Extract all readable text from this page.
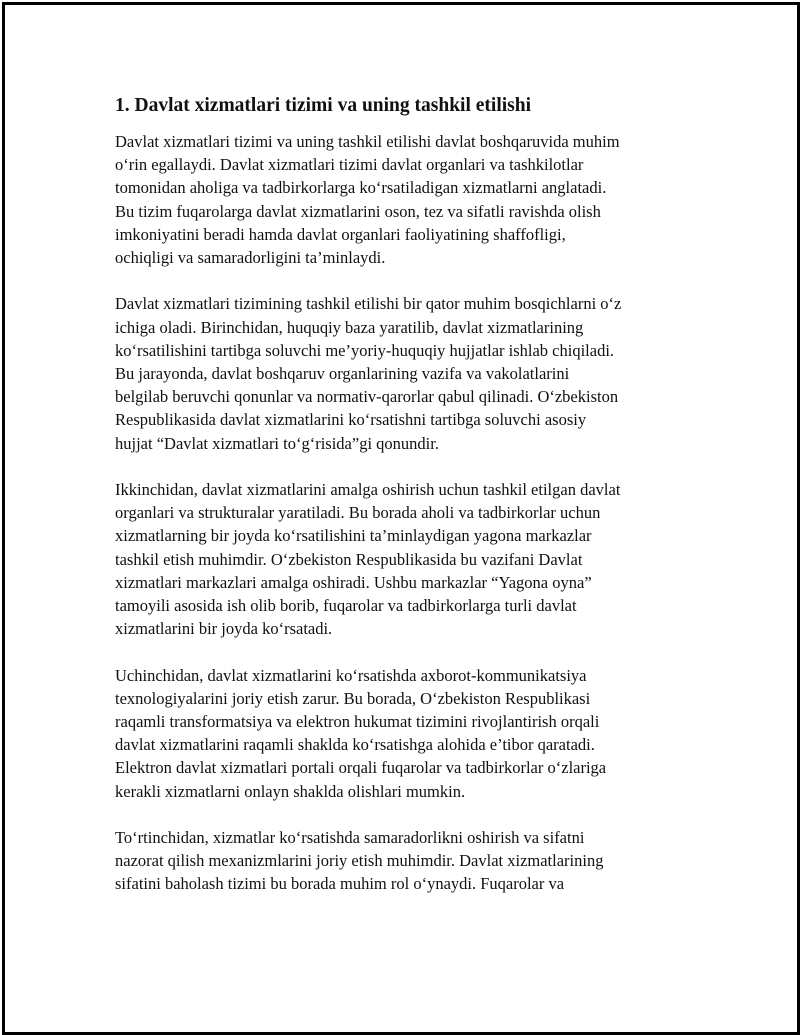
1. Davlat xizmatlari tizimi va uning tashkil etilishi
Davlat xizmatlari tizimi va uning tashkil etilishi davlat boshqaruvida muhim
o‘rin egallaydi. Davlat xizmatlari tizimi davlat organlari va tashkilotlar
tomonidan aholiga va tadbirkorlarga ko‘rsatiladigan xizmatlarni anglatadi.
Bu tizim fuqarolarga davlat xizmatlarini oson, tez va sifatli ravishda olish
imkoniyatini beradi hamda davlat organlari faoliyatining shaffofligi,
ochiqligi va samaradorligini ta’minlaydi.
Davlat xizmatlari tizimining tashkil etilishi bir qator muhim bosqichlarni o‘z
ichiga oladi. Birinchidan, huquqiy baza yaratilib, davlat xizmatlarining
ko‘rsatilishini tartibga soluvchi me’yoriy-huquqiy hujjatlar ishlab chiqiladi.
Bu jarayonda, davlat boshqaruv organlarining vazifa va vakolatlarini
belgilab beruvchi qonunlar va normativ-qarorlar qabul qilinadi. O‘zbekiston
Respublikasida davlat xizmatlarini ko‘rsatishni tartibga soluvchi asosiy
hujjat “Davlat xizmatlari to‘g‘risida”gi qonundir.
Ikkinchidan, davlat xizmatlarini amalga oshirish uchun tashkil etilgan davlat
organlari va strukturalar yaratiladi. Bu borada aholi va tadbirkorlar uchun
xizmatlarning bir joyda ko‘rsatilishini ta’minlaydigan yagona markazlar
tashkil etish muhimdir. O‘zbekiston Respublikasida bu vazifani Davlat
xizmatlari markazlari amalga oshiradi. Ushbu markazlar “Yagona oyna”
tamoyili asosida ish olib borib, fuqarolar va tadbirkorlarga turli davlat
xizmatlarini bir joyda ko‘rsatadi.
Uchinchidan, davlat xizmatlarini ko‘rsatishda axborot-kommunikatsiya
texnologiyalarini joriy etish zarur. Bu borada, O‘zbekiston Respublikasi
raqamli transformatsiya va elektron hukumat tizimini rivojlantirish orqali
davlat xizmatlarini raqamli shaklda ko‘rsatishga alohida e’tibor qaratadi.
Elektron davlat xizmatlari portali orqali fuqarolar va tadbirkorlar o‘zlariga
kerakli xizmatlarni onlayn shaklda olishlari mumkin.
To‘rtinchidan, xizmatlar ko‘rsatishda samaradorlikni oshirish va sifatni
nazorat qilish mexanizmlarini joriy etish muhimdir. Davlat xizmatlarining
sifatini baholash tizimi bu borada muhim rol o‘ynaydi. Fuqarolar va
